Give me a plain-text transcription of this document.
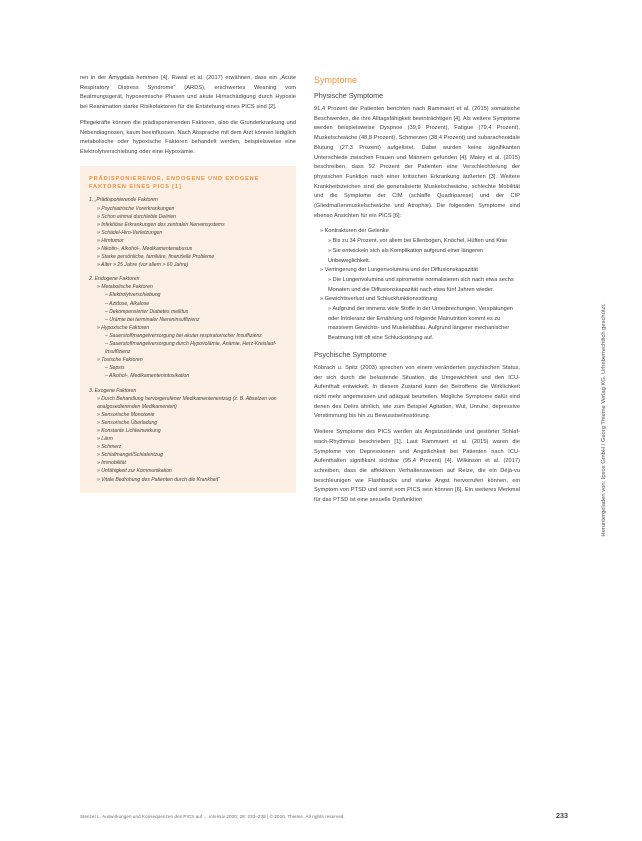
ren in der Amygdala hemmen [4]. Rawal et al. (2017) erwähnen, dass ein „Acute Respiratory Distress Syndrome“ (ARDS), erschwertes Weaning vom Beatmungsgerät, hypoxemische Phasen und akute Hirnschädigung durch Hypoxie bei Reanimation starke Risikofaktoren für die Entstehung eines PICS sind [2].

Pflegekräfte können die prädisponierenden Faktoren, also die Grunderkrankung und Nebendiagnosen, kaum beeinflussen. Nach Absprache mit dem Arzt können lediglich metabolische oder hypoxische Faktoren behandelt werden, beispielsweise eine Elektrolytverschiebung oder eine Hypoxämie.

PRÄDISPONIERENDE, ENDOGENE UND EXOGENE FAKTOREN EINES PICS [1]
1. „Prädisponierende Faktoren
» Psychiatrische Vorerkrankungen
» Schon einmal durchlebte Delirien
» Infektiöse Erkrankungen des zentralen Nervensystems
» Schädel-Hirn-Verletzungen
» Hirntumor
» Nikotin-, Alkohol-, Medikamentenabusus
» Starke persönliche, familiäre, finanzielle Probleme
» Alter > 25 Jahre (vor allem > 60 Jahre)
2. Endogene Faktoren
» Metabolische Faktoren
– Elektrolytverschiebung
– Azidose, Alkalose
– Dekompensierter Diabetes mellitus
– Urämie bei terminaler Niereninsuffizienz
» Hypoxische Faktoren
– Sauerstoffmangelversorgung bei akuter respiratorischer Insuffizienz
– Sauerstoffmangelversorgung durch Hypovolämie, Anämie, Herz-Kreislauf-Insuffizienz
» Toxische Faktoren
– Sepsis
– Alkohol-, Medikamentenintoxikation
3. Exogene Faktoren
» Durch Behandlung hervorgerufener Medikamentenentzug (z. B. Absetzen von analgosedierenden Medikamenten)
» Sensorische Monotonie
» Sensorische Überladung
» Konstante Lichteinwirkung
» Lärm
» Schmerz
» Schlafmangel/Schlafentzug
» Immobilität
» Unfähigkeit zur Kommunikation
» Vitale Bedrohung des Patienten durch die Krankheit“
Symptome
Physische Symptome

91,4 Prozent der Patienten berichten nach Rammaert et al. (2015) somatische Beschwerden, die ihre Alltagsfähigkeit beeinträchtigen [4]. Als weitere Symptome werden beispielsweise Dyspnoe (39,9 Prozent), Fatigue (79,4 Prozent), Muskelschwäche (48,8 Prozent), Schmerzen (38,4 Prozent) und subarachnoidale Blutung (27,3 Prozent) aufgelistet. Dabei wurden keine signifikanten Unterschiede zwischen Frauen und Männern gefunden [4]. Maley et al. (2015) beschreiben, dass 92 Prozent der Patienten eine Verschlechterung der physischen Funktion nach einer kritischen Erkrankung äußerten [3]. Weitere Krankheitszeichen sind die generalisierte Muskelschwäche, schlechte Mobilität und die Symptome der CIM (schlaffe Quadriparese) und der CIP (Gliedmaßenmuskelschwäche und Atrophie). Die folgenden Symptome sind ebenso Ansichten für ein PICS [6]:

» Kontrakturen der Gelenke
» Bis zu 34 Prozent, vor allem bei Ellenbogen, Knöchel, Hüften und Knie
» Sie entwickeln sich als Komplikation aufgrund einer längeren Unbeweglichkeit.
» Verringerung der Lungenvolumina und der Diffusionskapazität
» Die Lungenvolumina und spirometrie normalisieren sich nach etwa sechs Monaten und die Diffusionskapazität nach etwa fünf Jahren wieder.
» Gewichtsverlust und Schluckfunktionsstörung
» Aufgrund der immens viele Stoffe in der Unterbrechungen, Verspätungen oder Intoleranz der Ernährung und folgende Malnutrition kommt es zu massivem Gewichts- und Muskelabbau. Aufgrund längerer mechanischer Beatmung tritt oft eine Schluckstörung auf.
Psychische Symptome

Köbrach u. Spitz (2003) sprechen von einem veränderten psychischen Status, der sich durch die belastende Situation, die Umgewichheit und den ICU-Aufenthalt entwickelt. In diesem Zustand kann der Betroffene die Wirklichkeit nicht mehr angemessen und adäquat beurteilen. Mögliche Symptome dafür sind denen des Delirs ähnlich, wie zum Beispiel Agitation, Wut, Unruhe, depressive Verstimmung bis hin zu Bewusstseinsstörung.

Weitere Symptome des PICS werden als Angstzustände und gestörter Schlaf-wach-Rhythmus beschrieben [1]. Laut Rammaert et al. (2015) waren die Symptome von Depressionen und Angstlichkeit bei Patienten nach ICU-Aufenthalten signifikant sichtbar (95,4 Prozent) [4]. Wilkinson et al. (2017) schreiben, dass die affektiven Verhaltensweisen auf Reize, die ein Déjà-vu beschleunigen wie Flashbacks und starke Angst hervorrufen können, ein Symptom von PTSD und somit vom PICS sein können [6]. Ein weiteres Merkmal für das PTSD ist eine sexuelle Dysfunktion	Heruntergeladen von: Ipsos GmbH / Georg Thieme Verlag KG. Urheberrechtlich geschützt.
Stenzel L. Auswirkungen und Konsequenzen des PICS auf ... intensiv 2020; 28: 233–238 | © 2020. Thieme. All rights reserved.	233
